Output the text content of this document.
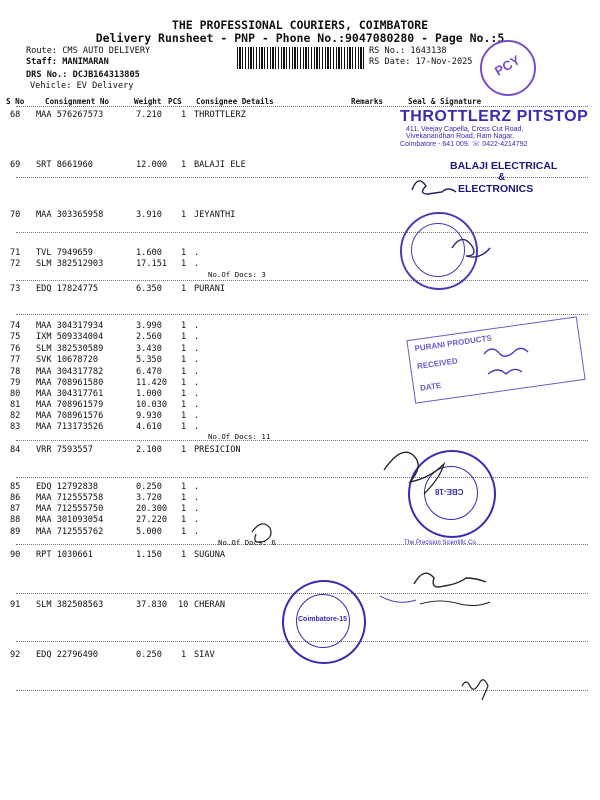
THE PROFESSIONAL COURIERS, COIMBATORE
Delivery Runsheet - PNP - Phone No.:9047080280 - Page No.:5
Route: CMS AUTO DELIVERY
Staff: MANIMARAN
DRS No.: DCJB164313805
Vehicle: EV Delivery
RS No.: 1643138
RS Date: 17-Nov-2025
S No	Consignment No	Weight PCS Consignee Details	Remarks	Seal & Signature
68 MAA 576267573	7.210 1 THROTTLERZ
69 SRT 8661960	12.000 1 BALAJI ELE
70 MAA 303365958	3.910 1 JEYANTHI
71 TVL 7949659	1.600 1 .
72 SLM 382512903	17.151 1 .
73 EDQ 17824775	6.350 1 PURANI
74 MAA 304317934	3.990 1 .
75 IXM 509334004	2.560 1 .
76 SLM 382530589	3.430 1 .
77 SVK 10678720	5.350 1 .
78 MAA 304317782	6.470 1 .
79 MAA 708961580	11.420 1 .
80 MAA 304317761	1.000 1 .
81 MAA 708961579	10.030 1 .
82 MAA 708961576	9.930 1 .
83 MAA 713173526	4.610 1 .
84 VRR 7593557	2.100 1 PRESICION
85 EDQ 12792838	0.250 1 .
86 MAA 712555758	3.720 1 .
87 MAA 712555750	20.300 1 .
88 MAA 301093054	27.220 1 .
89 MAA 712555762	5.000 1 .
90 RPT 1030661	1.150 1 SUGUNA
91 SLM 382508563	37.830 10 CHERAN
92 EDQ 22796490	0.250 1 SIAV
No.Of Docs: 3
No.Of Docs: 11
No.Of Docs: 6
THROTTLERZ PITSTOP
411, Veejay Capella, Cross Cut Road,
Vivekanandhan Road, Ram Nagar,
Coimbatore - 641 009. ☏ 0422-4214792
BALAJI ELECTRICAL
&
ELECTRONICS
PCY
PURANI PRODUCTS
RECEIVED
DATE
CBE-18
The Precision Scientific Co.
Coimbatore-15
